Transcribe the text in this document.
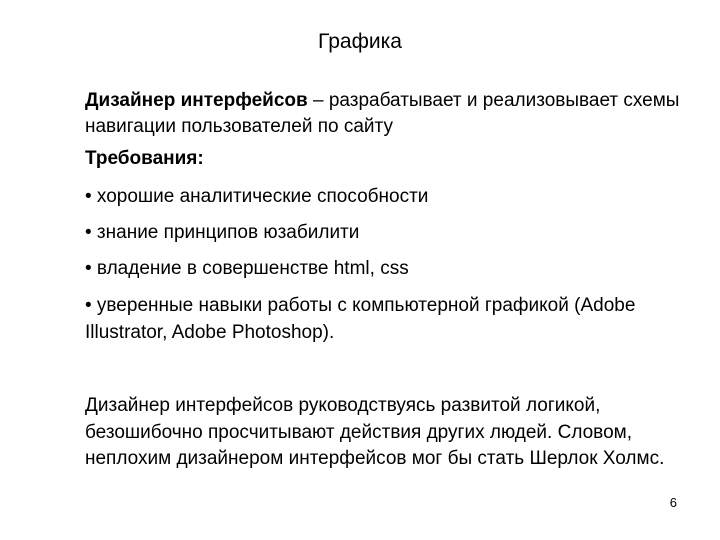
Графика
Дизайнер интерфейсов – разрабатывает и реализовывает схемы навигации пользователей по сайту
Требования:
• хорошие аналитические способности
• знание принципов юзабилити
• владение в совершенстве html, css
• уверенные навыки работы с компьютерной графикой (Adobe Illustrator, Adobe Photoshop).
Дизайнер интерфейсов руководствуясь развитой логикой, безошибочно просчитывают действия других людей. Словом, неплохим дизайнером интерфейсов мог бы стать Шерлок Холмс.
6
